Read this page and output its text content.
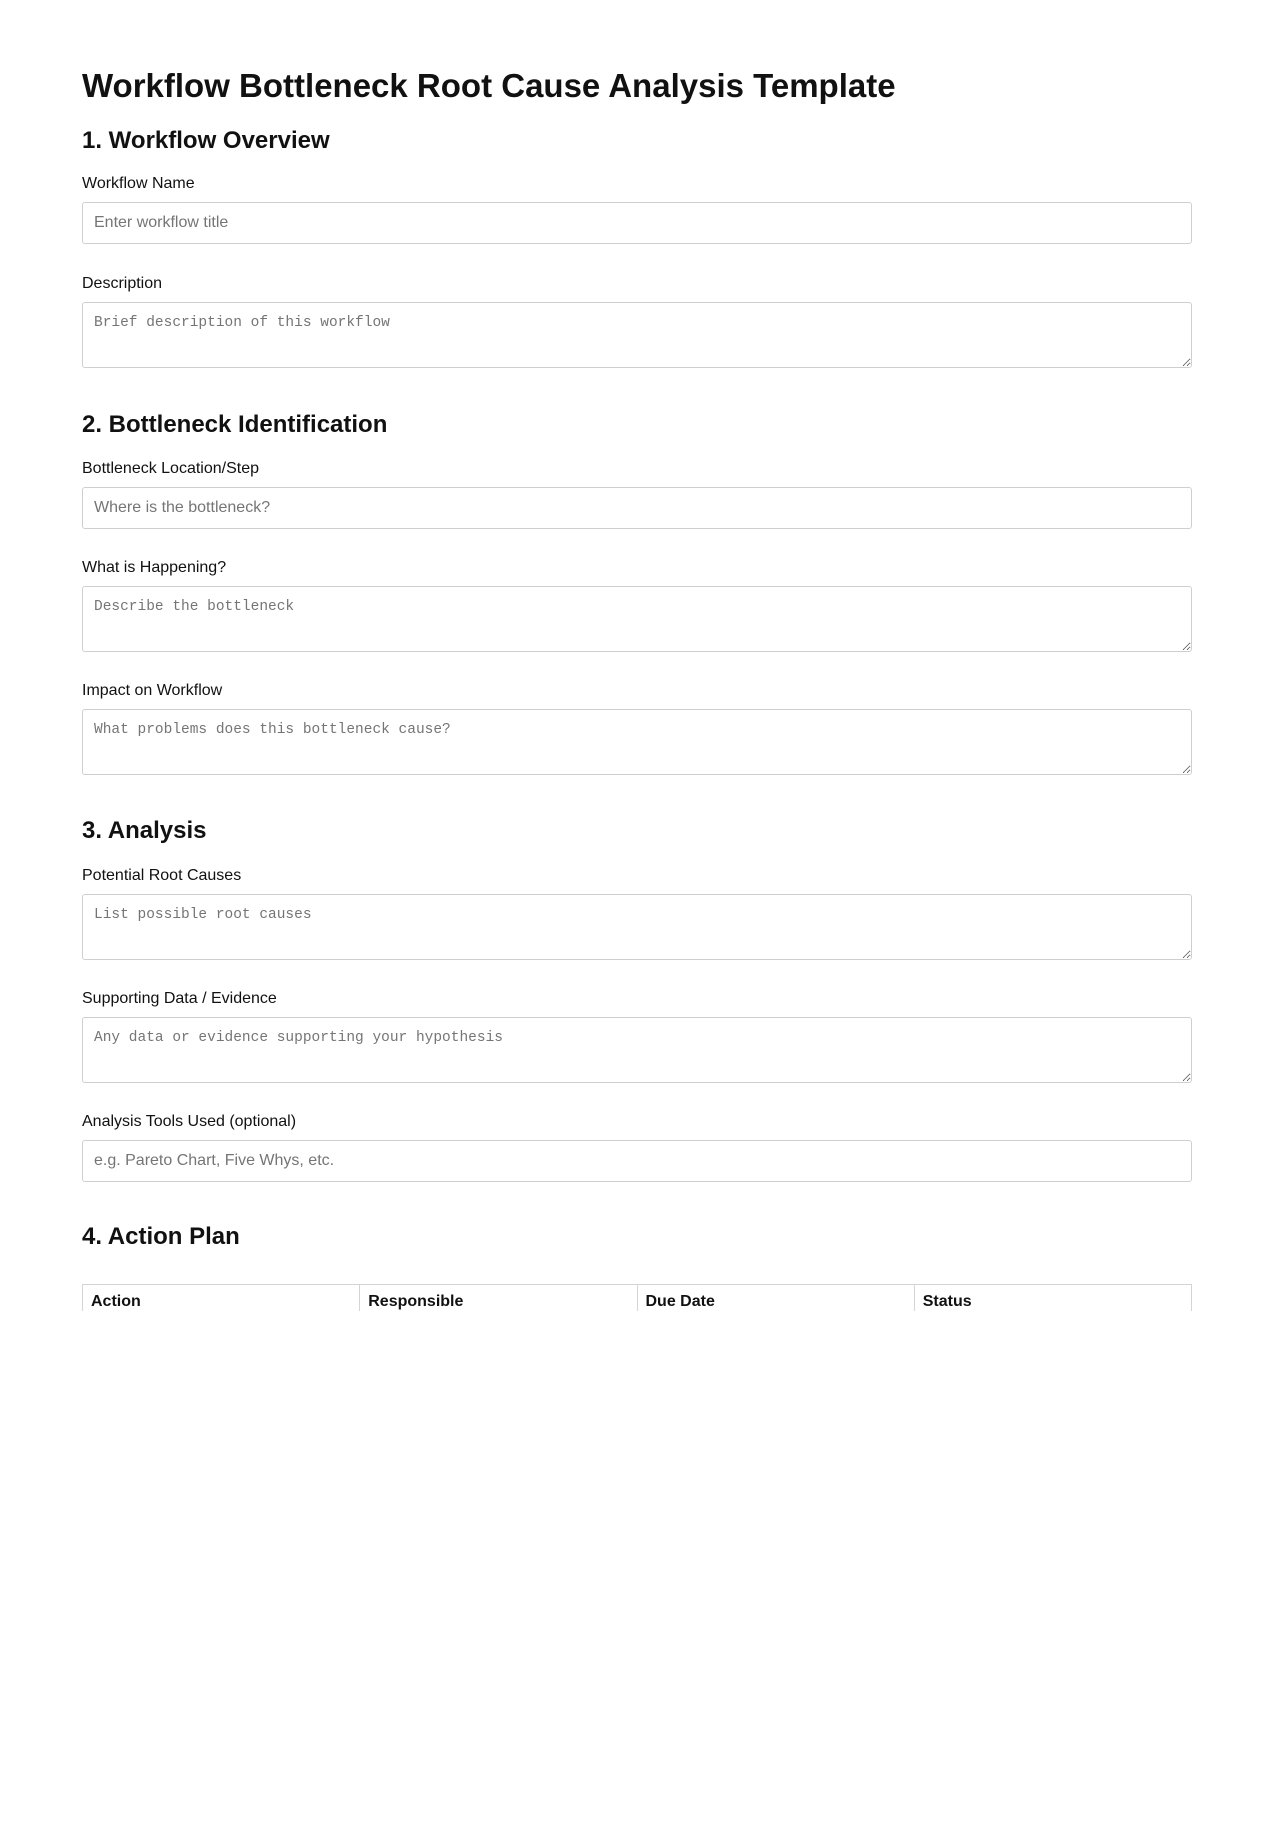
Workflow Bottleneck Root Cause Analysis Template
1. Workflow Overview
Workflow Name
Enter workflow title
Description
Brief description of this workflow
2. Bottleneck Identification
Bottleneck Location/Step
Where is the bottleneck?
What is Happening?
Describe the bottleneck
Impact on Workflow
What problems does this bottleneck cause?
3. Analysis
Potential Root Causes
List possible root causes
Supporting Data / Evidence
Any data or evidence supporting your hypothesis
Analysis Tools Used (optional)
e.g. Pareto Chart, Five Whys, etc.
4. Action Plan
Action	Responsible	Due Date	Status
